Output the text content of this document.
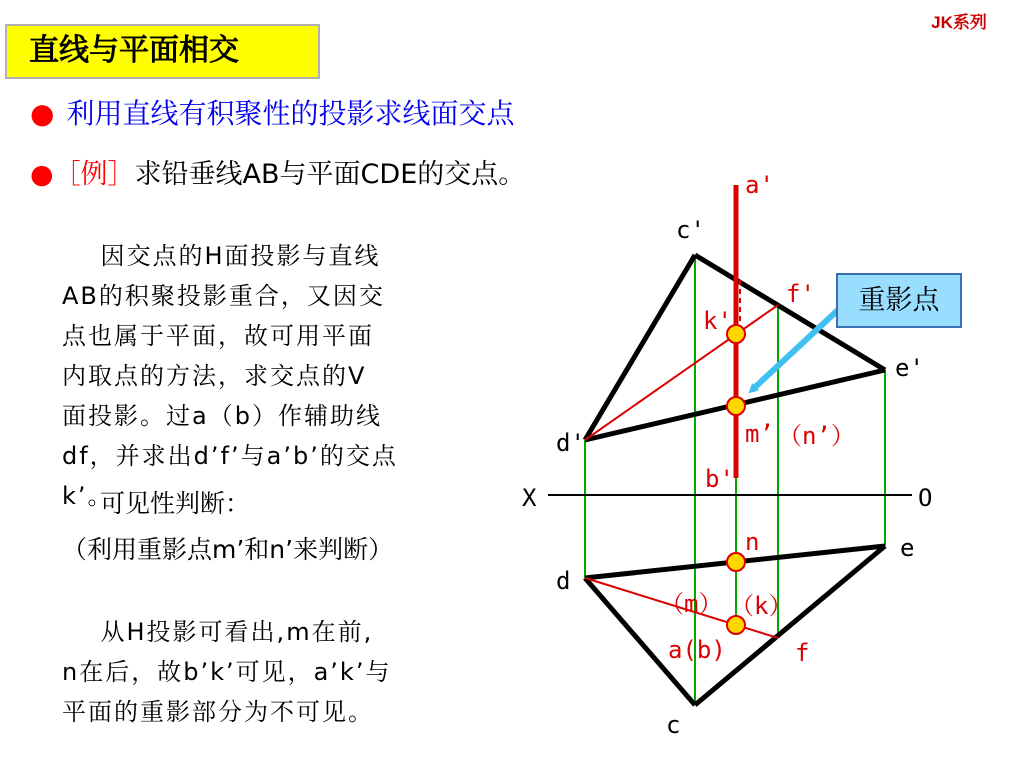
JK系列
直线与平面相交
● 利用直线有积聚性的投影求线面交点
●［例］求铅垂线AB与平面CDE的交点。

因交点的H面投影与直线
AB的积聚投影重合，又因交
点也属于平面，故可用平面
内取点的方法，求交点的V
面投影。过a（b）作辅助线
df，并求出d’f’与a’b’的交点
k’。

可见性判断：
（利用重影点m’和n’来判断）

从H投影可看出,m在前,
n在后，故b’k’可见，a’k’与
平面的重影部分为不可见。

a'
c'
f'
k'
e'
m’ （n’）
d'
b'
X	O
n	e
d
（m） （k）
a(b)	f
c
重影点
